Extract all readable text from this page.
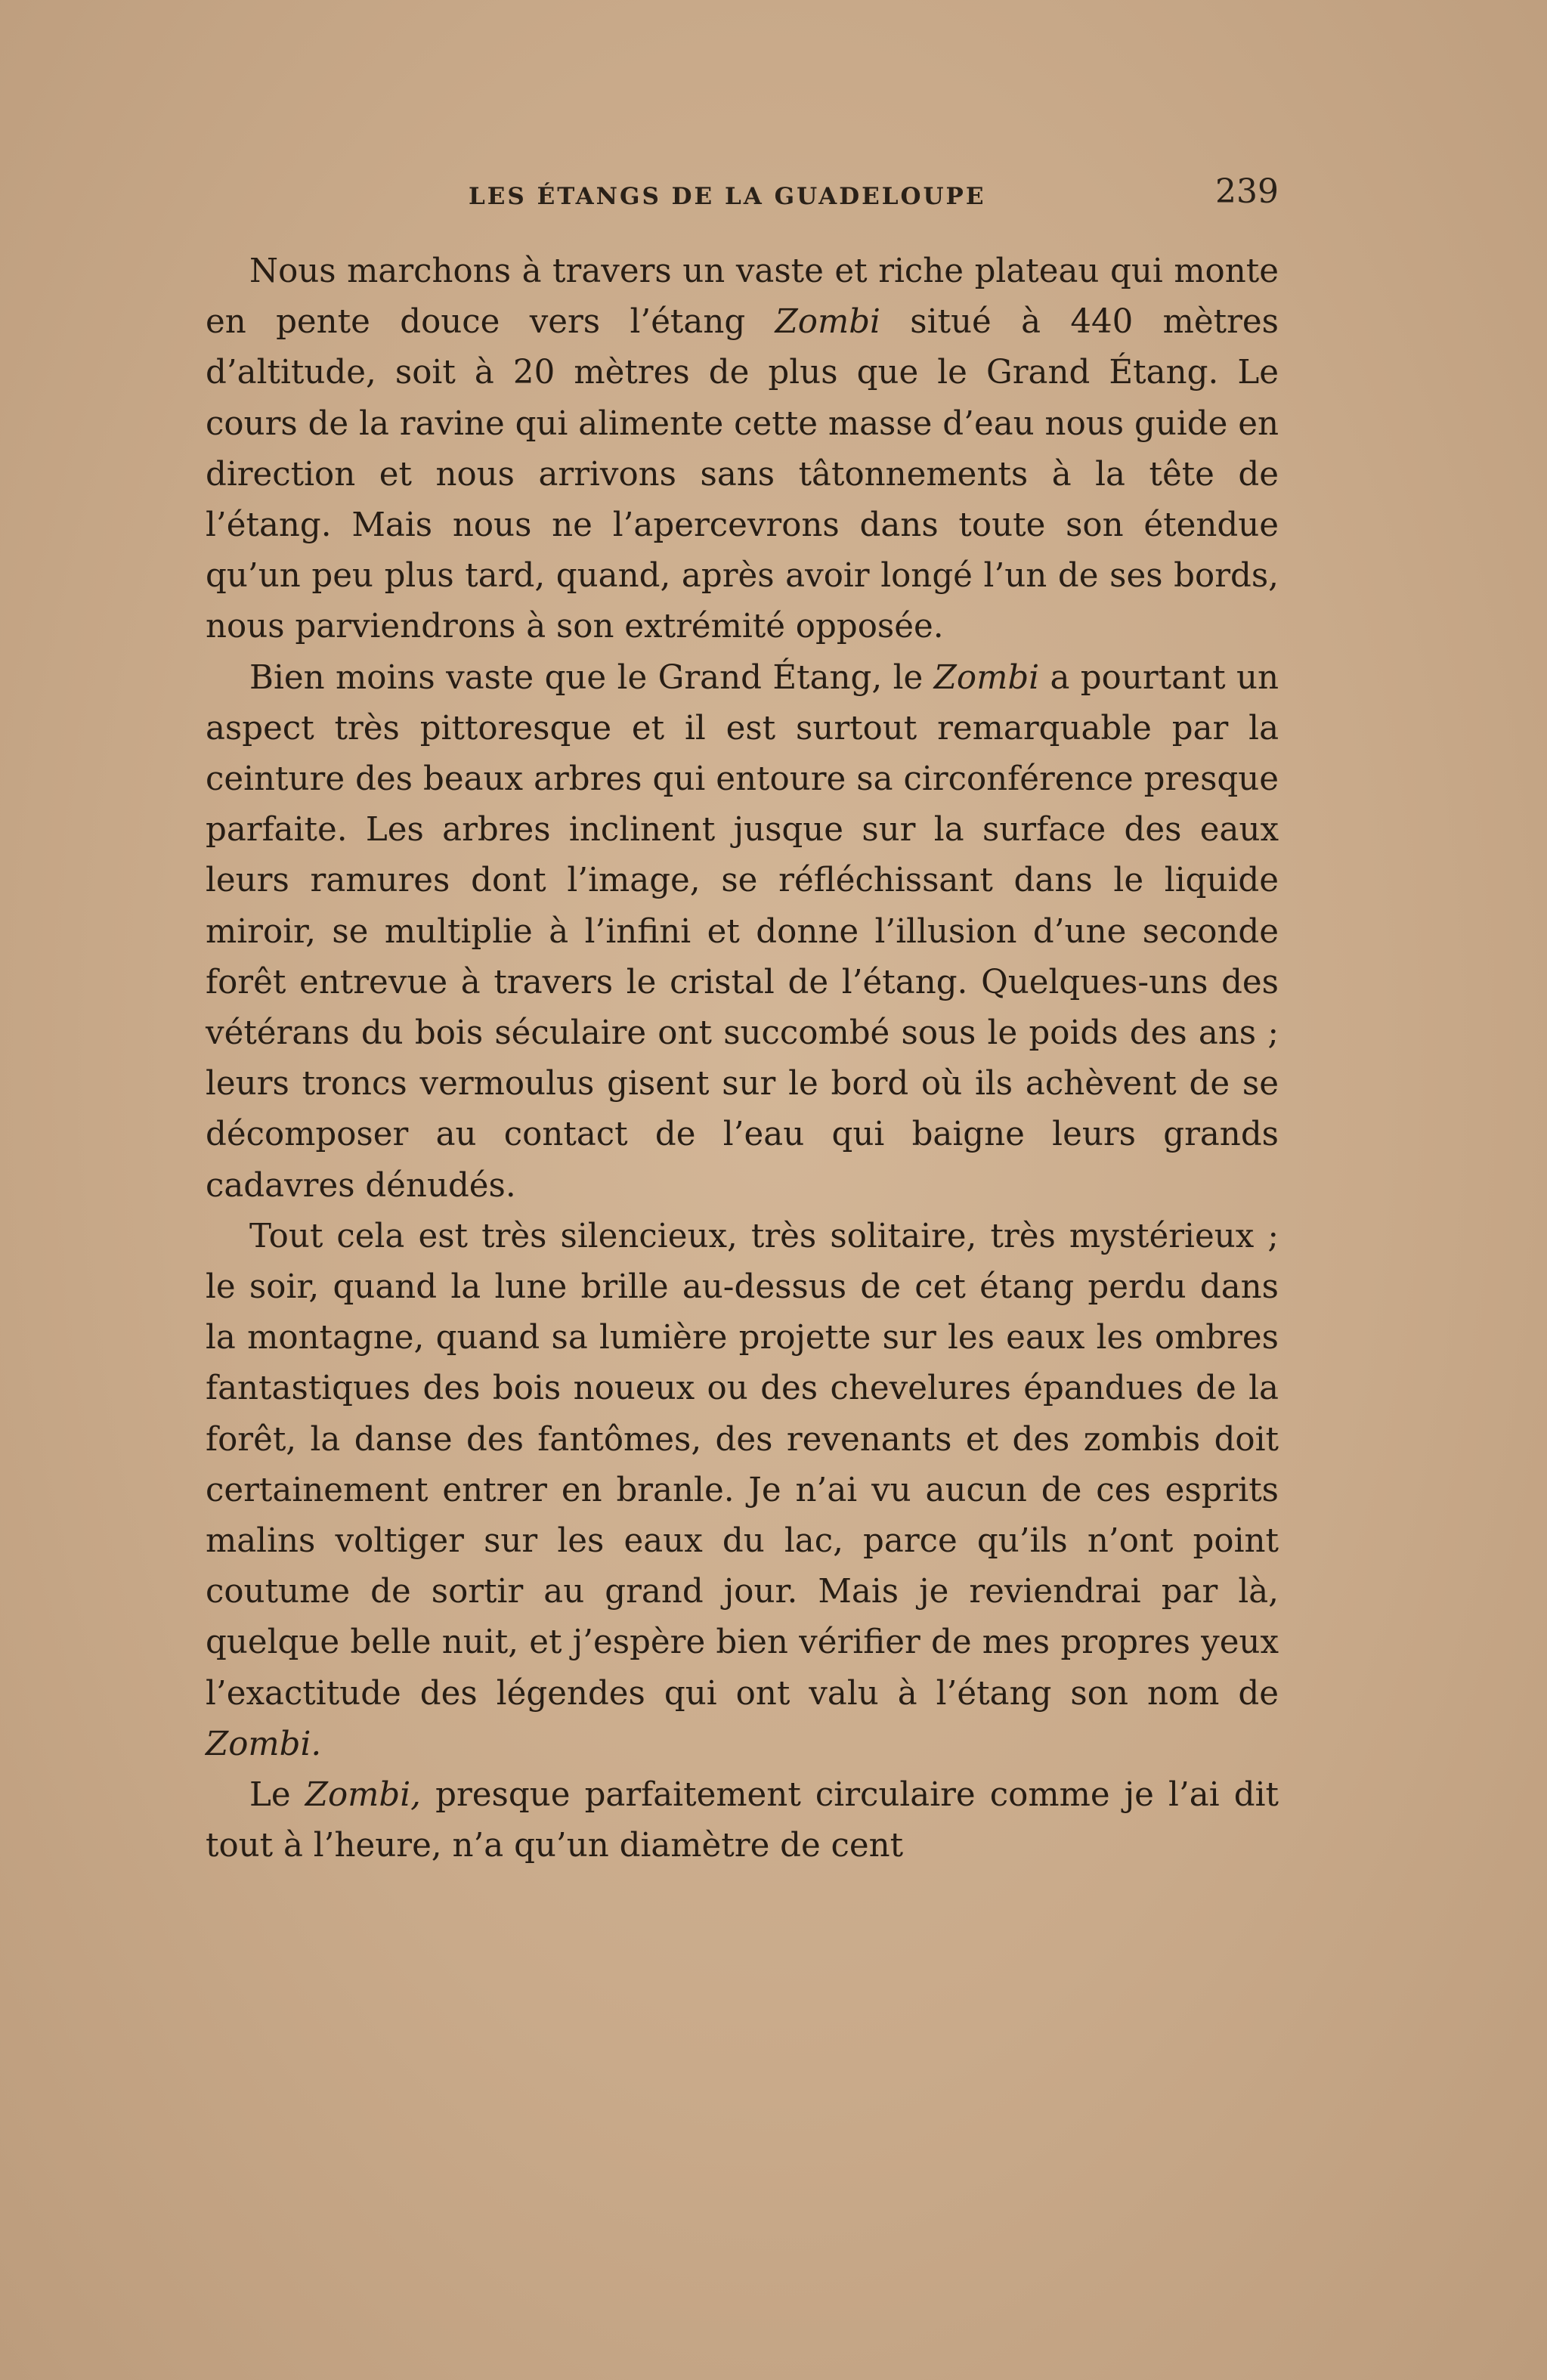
LES ÉTANGS DE LA GUADELOUPE	239

Nous marchons à travers un vaste et riche plateau qui monte en pente douce vers l’étang Zombi situé à 440 mètres d’altitude, soit à 20 mètres de plus que le Grand Étang. Le cours de la ravine qui alimente cette masse d’eau nous guide en direction et nous arrivons sans tâtonnements à la tête de l’étang. Mais nous ne l’apercevrons dans toute son étendue qu’un peu plus tard, quand, après avoir longé l’un de ses bords, nous parviendrons à son extrémité opposée.

Bien moins vaste que le Grand Étang, le Zombi a pourtant un aspect très pittoresque et il est surtout remarquable par la ceinture des beaux arbres qui entoure sa circonférence presque parfaite. Les arbres inclinent jusque sur la surface des eaux leurs ramures dont l’image, se réfléchissant dans le liquide miroir, se multiplie à l’infini et donne l’illusion d’une seconde forêt entrevue à travers le cristal de l’étang. Quelques-uns des vétérans du bois séculaire ont succombé sous le poids des ans ; leurs troncs vermoulus gisent sur le bord où ils achèvent de se décomposer au contact de l’eau qui baigne leurs grands cadavres dénudés.

Tout cela est très silencieux, très solitaire, très mystérieux ; le soir, quand la lune brille au-dessus de cet étang perdu dans la montagne, quand sa lumière projette sur les eaux les ombres fantastiques des bois noueux ou des chevelures épandues de la forêt, la danse des fantômes, des revenants et des zombis doit certainement entrer en branle. Je n’ai vu aucun de ces esprits malins voltiger sur les eaux du lac, parce qu’ils n’ont point coutume de sortir au grand jour. Mais je reviendrai par là, quelque belle nuit, et j’espère bien vérifier de mes propres yeux l’exactitude des légendes qui ont valu à l’étang son nom de Zombi.

Le Zombi, presque parfaitement circulaire comme je l’ai dit tout à l’heure, n’a qu’un diamètre de cent
